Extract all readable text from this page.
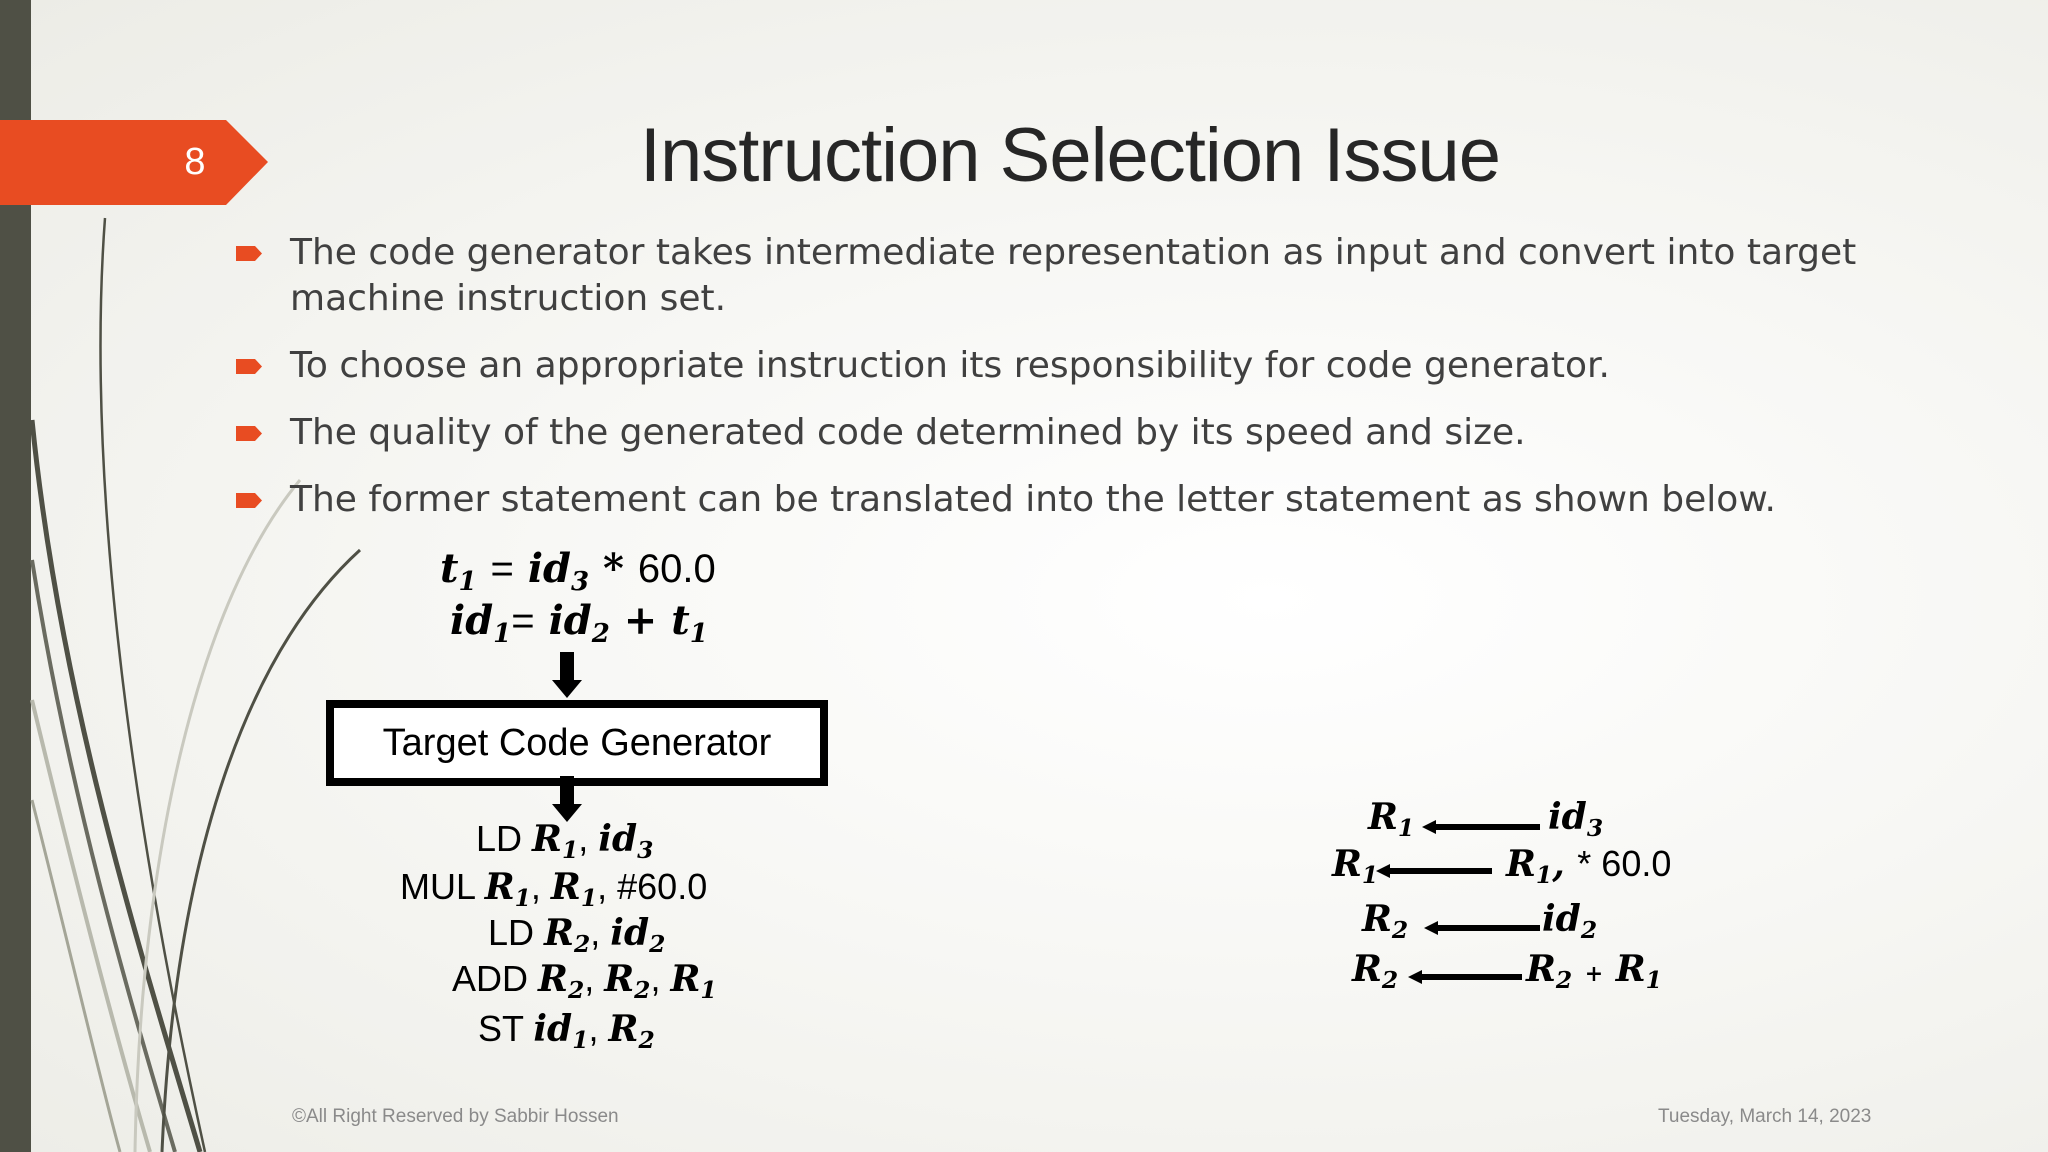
8	Instruction Selection Issue
The code generator takes intermediate representation as input and convert into target machine instruction set.
To choose an appropriate instruction its responsibility for code generator.
The quality of the generated code determined by its speed and size.
The former statement can be translated into the letter statement as shown below.
$t_1 = id_3 * 60.0$
$id_1= id_2 + t_1$
Target Code Generator
LD $R_1$, $id_3$
MUL $R_1$, $R_1$, #60.0
LD $R_2$, $id_2$
ADD $R_2$, $R_2$, $R_1$
ST $id_1$, $R_2$
$R_1$	$id_3$
$R_1$	$R_1$, * 60.0
$R_2$	$id_2$
$R_2$	$R_2 + R_1$
©All Right Reserved by Sabbir Hossen	Tuesday, March 14, 2023
